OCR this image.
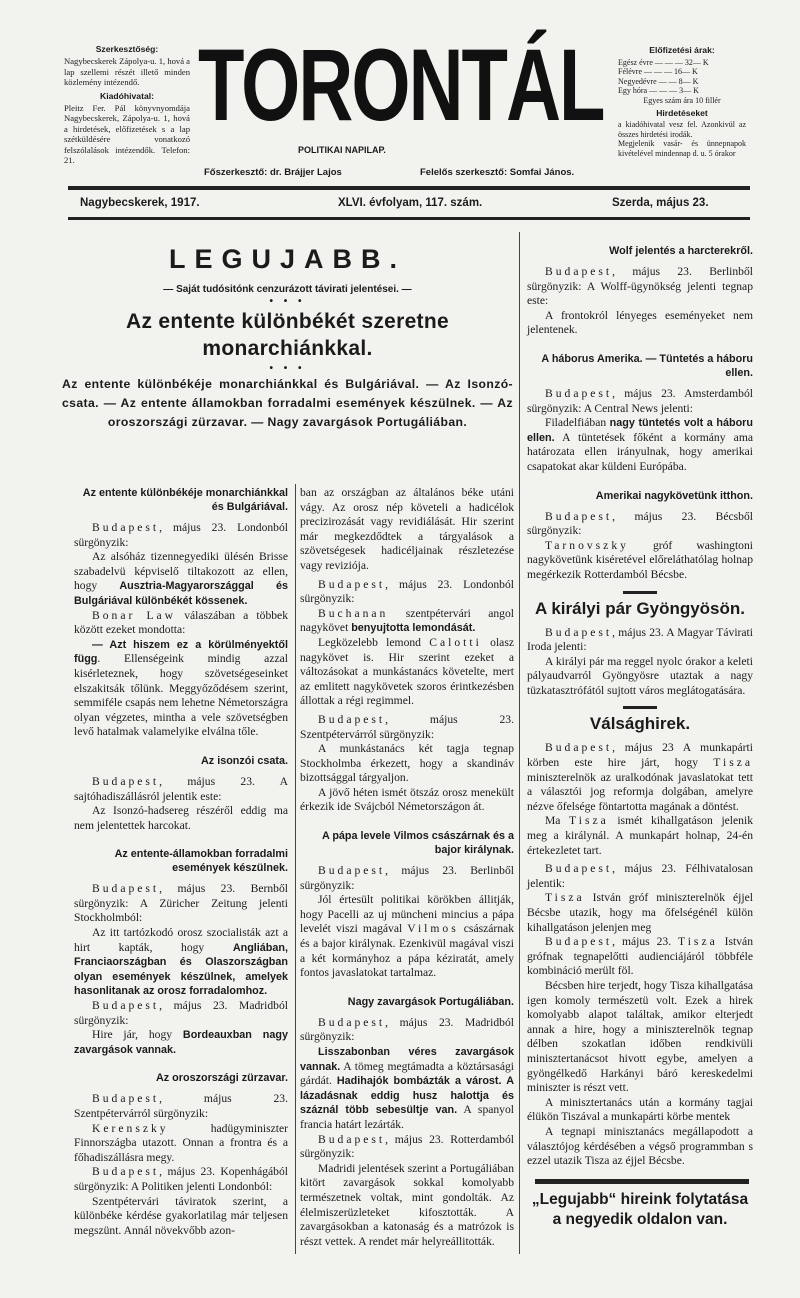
Szerkesztőség:
Nagybecskerek Zápolya-u. 1, hová a lap szellemi részét illető minden közlemény intézendő.
Kiadóhivatal:
Pleitz Fer. Pál könyvnyomdája Nagybecskerek, Zápolya-u. 1, hová a hirdetések, előfizetések s a lap szétküldésére vonatkozó felszólalások intézendők. Telefon: 21.
TORONTÁL
POLITIKAI NAPILAP.
Főszerkesztő: dr. Brájjer Lajos	Felelős szerkesztő: Somfai János.
Előfizetési árak:
Egész évre — — — 32— K
Félévre — — — 16— K
Negyedévre — — 8— K
Egy hóra — — — 3— K
Egyes szám ára 10 fillér
Hirdetéseket
a kiadóhivatal vesz fel. Azonkivül az összes hirdetési irodák.
Megjelenik vasár- és ünnepnapok kivételével mindennap d. u. 5 órakor
Nagybecskerek, 1917.	XLVI. évfolyam, 117. szám.	Szerda, május 23.
LEGUJABB.
— Saját tudósitónk cenzurázott távirati jelentései. —
• • •
Az entente különbékét szeretne monarchiánkkal.
• • •
Az entente különbékéje monarchiánkkal és Bulgáriával. — Az Isonzó-csata. — Az entente államokban forradalmi események készülnek. — Az oroszországi zürzavar. — Nagy zavargások Portugáliában.
Az entente különbékéje monarchiánkkal és Bulgáriával.

Budapest, május 23. Londonból sürgönyzik:

Az alsóház tizennegyediki ülésén Brisse szabadelvü képviselő tiltakozott az ellen, hogy Ausztria-Magyarországgal és Bulgáriával különbékét kössenek.

Bonar Law válaszában a többek között ezeket mondotta:

— Azt hiszem ez a körülményektől függ. Ellenségeink mindig azzal kisérleteznek, hogy szövetségeseinket elszakitsák tőlünk. Meggyőződésem szerint, semmiféle csapás nem lehetne Németországra olyan végzetes, mintha a vele szövetségben levő hatalmak valamelyike elválna tőle.

Az isonzói csata.

Budapest, május 23. A sajtóhadiszállásról jelentik este:

Az Isonzó-hadsereg részéről eddig ma nem jelentettek harcokat.

Az entente-államokban forradalmi események készülnek.

Budapest, május 23. Bernből sürgönyzik: A Züricher Zeitung jelenti Stockholmból:

Az itt tartózkodó orosz szocialisták azt a hirt kapták, hogy Angliában, Franciaországban és Olaszországban olyan események készülnek, amelyek hasonlitanak az orosz forradalomhoz.

Budapest, május 23. Madridból sürgönyzik:

Hire jár, hogy Bordeauxban nagy zavargások vannak.

Az oroszországi zürzavar.

Budapest, május 23. Szentpétervárról sürgönyzik:

Kerenszky hadügyminiszter Finnországba utazott. Onnan a frontra és a főhadiszállásra megy.

Budapest, május 23. Kopenhágából sürgönyzik: A Politiken jelenti Londonból:

Szentpétervári táviratok szerint, a különbéke kérdése gyakorlatilag már teljesen megszünt. Annál növekvőbb azon-

ban az országban az általános béke utáni vágy. Az orosz nép követeli a hadicélok precizirozását vagy revidiálását. Hir szerint már megkezdődtek a tárgyalások a szövetségesek hadicéljainak részletezése vagy reviziója.

Budapest, május 23. Londonból sürgönyzik:

Buchanan szentpétervári angol nagykövet benyujtotta lemondását.

Legközelebb lemond Calotti olasz nagykövet is. Hir szerint ezeket a változásokat a munkástanács követelte, mert az emlitett nagykövetek szoros érintkezésben állottak a régi regimmel.

Budapest, május 23. Szentpétervárról sürgönyzik:

A munkástanács két tagja tegnap Stockholmba érkezett, hogy a skandináv bizottsággal tárgyaljon.

A jövő héten ismét ötszáz orosz menekült érkezik ide Svájcból Németországon át.

A pápa levele Vilmos császárnak és a bajor királynak.

Budapest, május 23. Berlinből sürgönyzik:

Jól értesült politikai körökben állitják, hogy Pacelli az uj müncheni mincius a pápa levelét viszi magával Vilmos császárnak és a bajor királynak. Ezenkivül magával viszi a két kormányhoz a pápa kéziratát, amely fontos javaslatokat tartalmaz.

Nagy zavargások Portugáliában.

Budapest, május 23. Madridból sürgönyzik:

Lisszabonban véres zavargások vannak. A tömeg megtámadta a köztársasági gárdát. Hadihajók bombázták a várost. A lázadásnak eddig husz halottja és száznál több sebesültje van. A spanyol francia határt lezárták.

Budapest, május 23. Rotterdamból sürgönyzik:

Madridi jelentések szerint a Portugáliában kitört zavargások sokkal komolyabb természetnek voltak, mint gondolták. Az élelmiszerüzleteket kifosztották. A zavargásokban a katonaság és a matrózok is részt vettek. A rendet már helyreállitották.

Wolf jelentés a harcterekről.

Budapest, május 23. Berlinből sürgönyzik: A Wolff-ügynökség jelenti tegnap este:

A frontokról lényeges eseményeket nem jelentenek.

A háborus Amerika. — Tüntetés a háboru ellen.

Budapest, május 23. Amsterdamból sürgönyzik: A Central News jelenti:

Filadelfiában nagy tüntetés volt a háboru ellen. A tüntetések főként a kormány ama határozata ellen irányulnak, hogy amerikai csapatokat akar küldeni Európába.

Amerikai nagykövetünk itthon.

Budapest, május 23. Bécsből sürgönyzik:

Tarnovszky gróf washingtoni nagykövetünk kiséretével előreláthatólag holnap megérkezik Rotterdamból Bécsbe.

A királyi pár Gyöngyösön.

Budapest, május 23. A Magyar Távirati Iroda jelenti:

A királyi pár ma reggel nyolc órakor a keleti pályaudvarról Gyöngyösre utaztak a nagy tüzkatasztrófától sujtott város meglátogatására.

Válsághirek.

Budapest, május 23 A munkapárti körben este hire járt, hogy Tisza miniszterelnök az uralkodónak javaslatokat tett a választói jog reformja dolgában, amelyre nézve őfelsége föntartotta magának a döntést.

Ma Tisza ismét kihallgatáson jelenik meg a királynál. A munkapárt holnap, 24-én értekezletet tart.

Budapest, május 23. Félhivatalosan jelentik:

Tisza István gróf miniszterelnök éjjel Bécsbe utazik, hogy ma őfelségénél külön kihallgatáson jelenjen meg

Budapest, május 23. Tisza István grófnak tegnapelőtti audienciájáról többféle kombináció merült föl.

Bécsben hire terjedt, hogy Tisza kihallgatása igen komoly természetü volt. Ezek a hirek komolyabb alapot találtak, amikor elterjedt annak a hire, hogy a miniszterelnök tegnap délben szokatlan időben rendkivüli minisztertanácsot hivott egybe, amelyen a gyöngélkedő Harkányi báró kereskedelmi miniszter is részt vett.

A minisztertanács után a kormány tagjai élükön Tiszával a munkapárti körbe mentek

A tegnapi minisztanács megállapodott a választójog kérdésében a végső programmban s ezzel utazik Tisza az éjjel Bécsbe.

„Legujabb“ hireink folytatása a negyedik oldalon van.
